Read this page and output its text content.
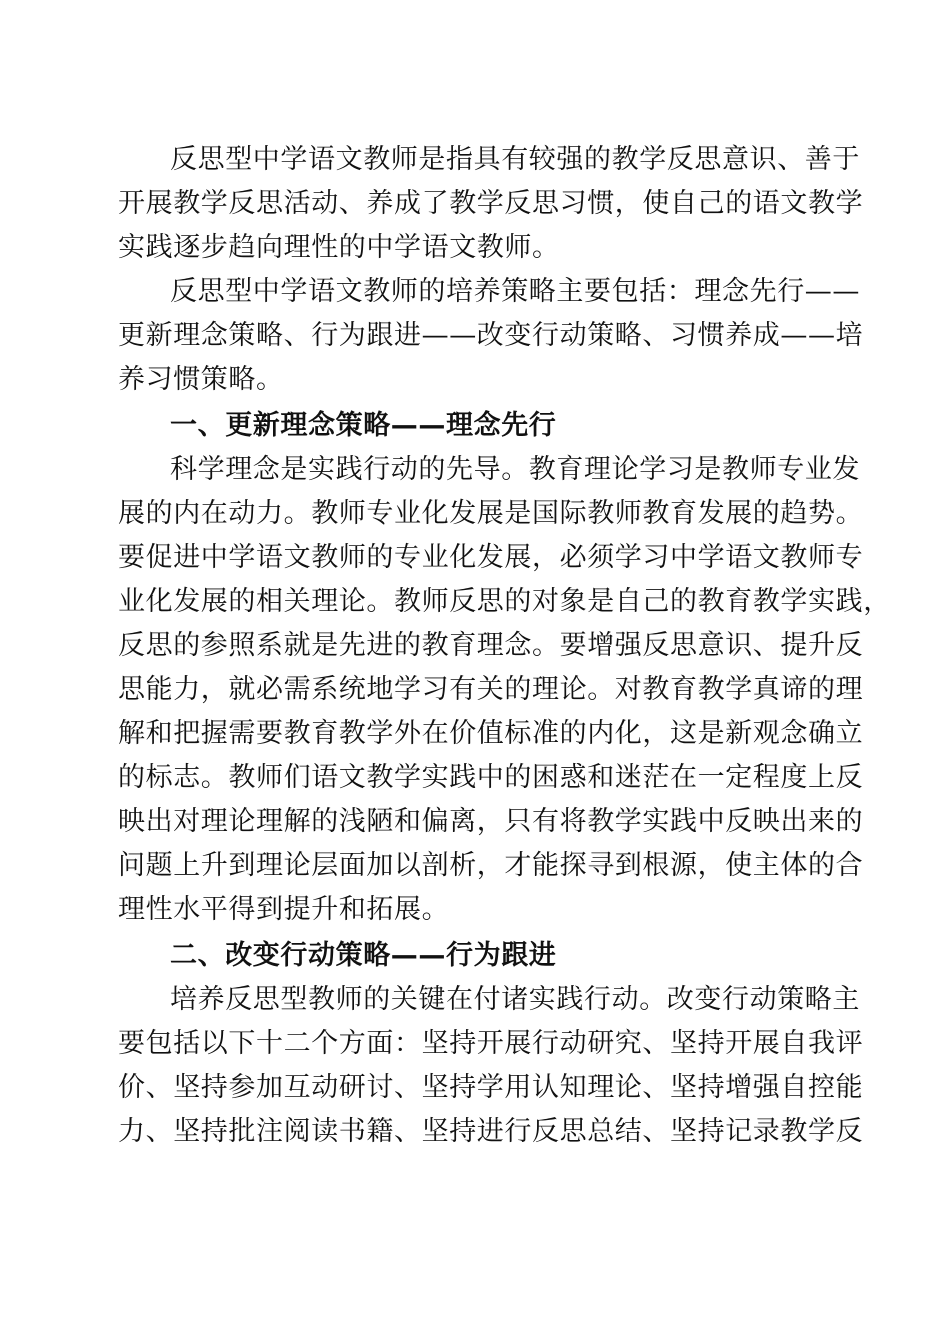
反思型中学语文教师是指具有较强的教学反思意识、善于
开展教学反思活动、养成了教学反思习惯，使自己的语文教学
实践逐步趋向理性的中学语文教师。
反思型中学语文教师的培养策略主要包括：理念先行——
更新理念策略、行为跟进——改变行动策略、习惯养成——培
养习惯策略。
一、更新理念策略——理念先行
科学理念是实践行动的先导。教育理论学习是教师专业发
展的内在动力。教师专业化发展是国际教师教育发展的趋势。
要促进中学语文教师的专业化发展，必须学习中学语文教师专
业化发展的相关理论。教师反思的对象是自己的教育教学实践，
反思的参照系就是先进的教育理念。要增强反思意识、提升反
思能力，就必需系统地学习有关的理论。对教育教学真谛的理
解和把握需要教育教学外在价值标准的内化，这是新观念确立
的标志。教师们语文教学实践中的困惑和迷茫在一定程度上反
映出对理论理解的浅陋和偏离，只有将教学实践中反映出来的
问题上升到理论层面加以剖析，才能探寻到根源，使主体的合
理性水平得到提升和拓展。
二、改变行动策略——行为跟进
培养反思型教师的关键在付诸实践行动。改变行动策略主
要包括以下十二个方面：坚持开展行动研究、坚持开展自我评
价、坚持参加互动研讨、坚持学用认知理论、坚持增强自控能
力、坚持批注阅读书籍、坚持进行反思总结、坚持记录教学反
